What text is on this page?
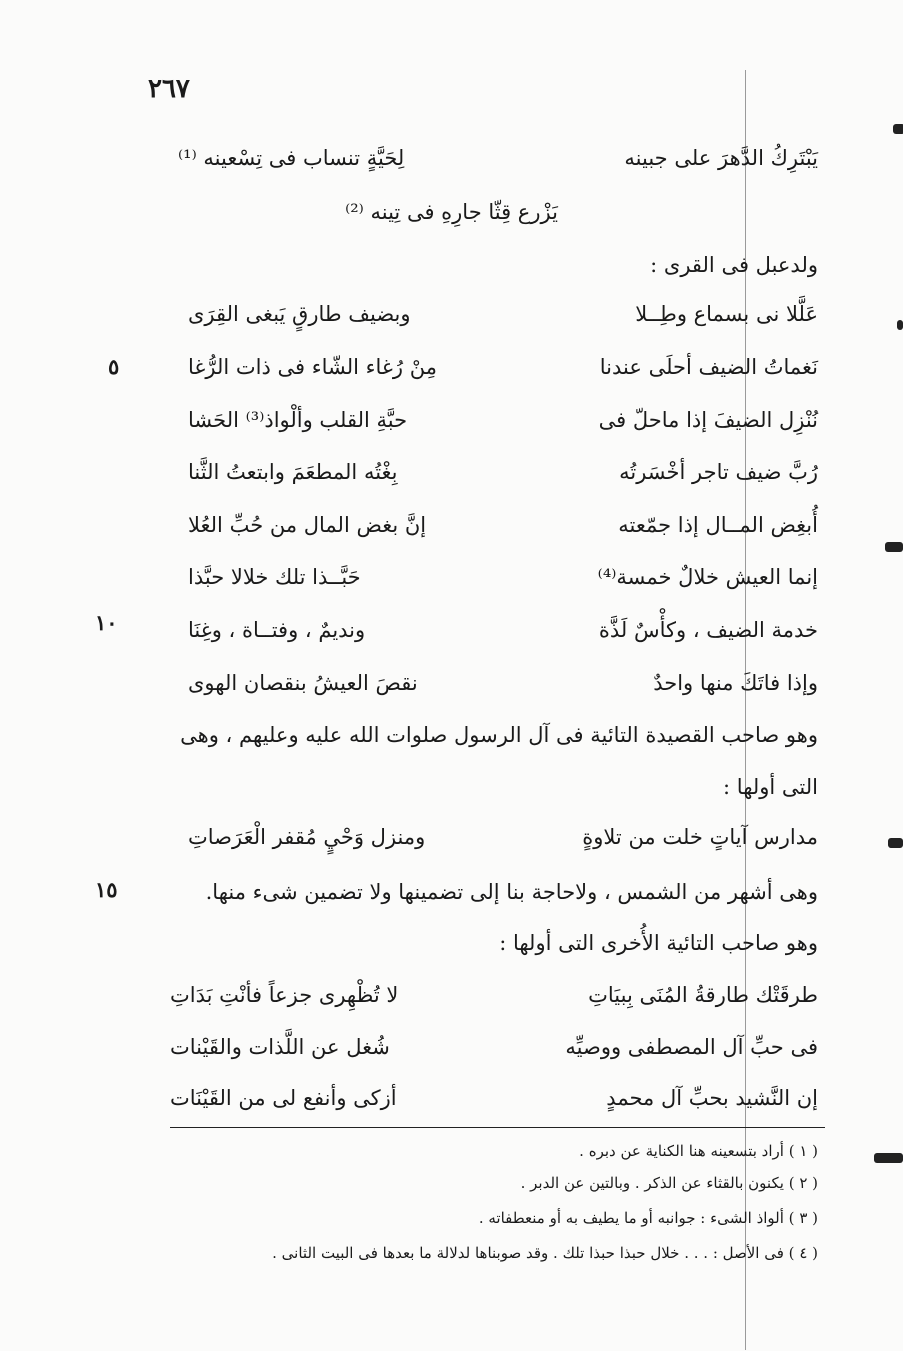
٢٦٧
يَبْتَرِكُ الدَّهرَ على جبينه
لِحَيَّةٍ تنساب فى تِسْعينه ⁽¹⁾
يَزْرع قِثّا جارِهِ فى تِينه ⁽²⁾
ولدعبل فى القرى :
عَلَّلا نى بسماع وطِــلا
وبضيف طارقٍ يَبغى القِرَى
نَغماتُ الضيف أحلَى عندنا
مِنْ رُغاء الشّاء فى ذات الرُّغا
نُنْزِل الضيفَ إذا ماحلّ فى
حبَّةِ القلب وألْواذ⁽³⁾ الحَشا
رُبَّ ضيف تاجر أخْسَرتُه
بِغْتُه المطعَمَ وابتعتُ الثَّنا
أُبغِض المــال إذا جمّعته
إنَّ بغض المال من حُبِّ العُلا
إنما العيش خلالٌ خمسة⁽⁴⁾
حَبَّــذا تلك خلالا حبَّذا
خدمة الضيف ، وكأْسٌ لَذَّة
ونديمٌ ، وفتــاة ، وغِنَا
وإذا فاتَكَ منها واحدٌ
نقصَ العيشُ بنقصان الهوى
٥
١٠
وهو صاحب القصيدة التائية فى آل الرسول صلوات الله عليه وعليهم ، وهى
التى أولها :
مدارس آياتٍ خلت من تلاوةٍ
ومنزل وَحْيٍ مُقفر الْعَرَصاتِ
وهى أشهر من الشمس ، ولاحاجة بنا إلى تضمينها ولا تضمين شىء منها.
١٥
وهو صاحب التائية الأُخرى التى أولها :
طرقَتْك طارقةُ المُنَى بِبيَاتِ
لا تُظْهِرى جزعاً فأنْتِ بَدَاتِ
فى حبِّ آل المصطفى ووصيِّه
شُغل عن اللَّذات والقَيْنات
إن النَّشيد بحبِّ آل محمدٍ
أزكى وأنفع لى من القَيْنَات
( ١ ) أراد بتسعينه هنا الكناية عن دبره .
( ٢ ) يكنون بالقثاء عن الذكر . وبالتين عن الدبر .
( ٣ ) ألواذ الشىء : جوانبه أو ما يطيف به أو منعطفاته .
( ٤ ) فى الأصل : . . . خلال حبذا حبذا تلك . وقد صوبناها لدلالة ما بعدها فى البيت الثانى .
